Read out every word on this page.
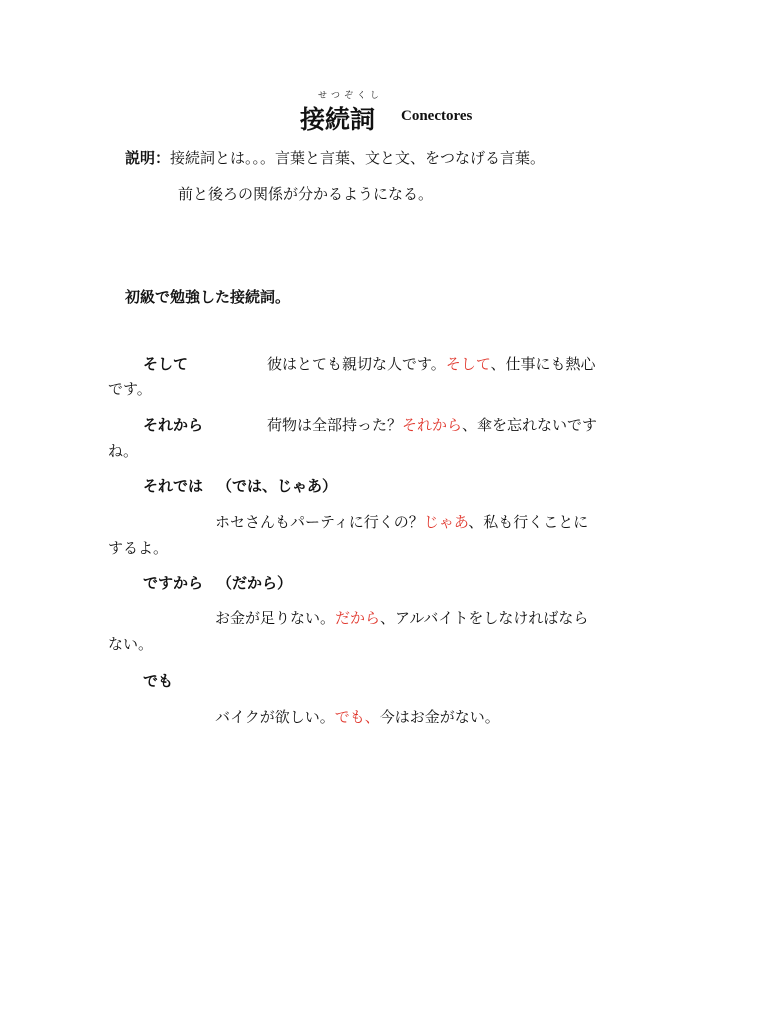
せつぞくし
接続詞 Conectores
説明：接続詞とは。。。言葉と言葉、文と文、をつなげる言葉。
前と後ろの関係が分かるようになる。
初級で勉強した接続詞。
そして	彼はとても親切な人です。そして、仕事にも熱心
です。
それから	荷物は全部持った？それから、傘を忘れないです
ね。
それでは （では、じゃあ）
ホセさんもパーティに行くの？じゃあ、私も行くことに
するよ。
ですから （だから）
お金が足りない。だから、アルバイトをしなければなら
ない。
でも
バイクが欲しい。でも、今はお金がない。
